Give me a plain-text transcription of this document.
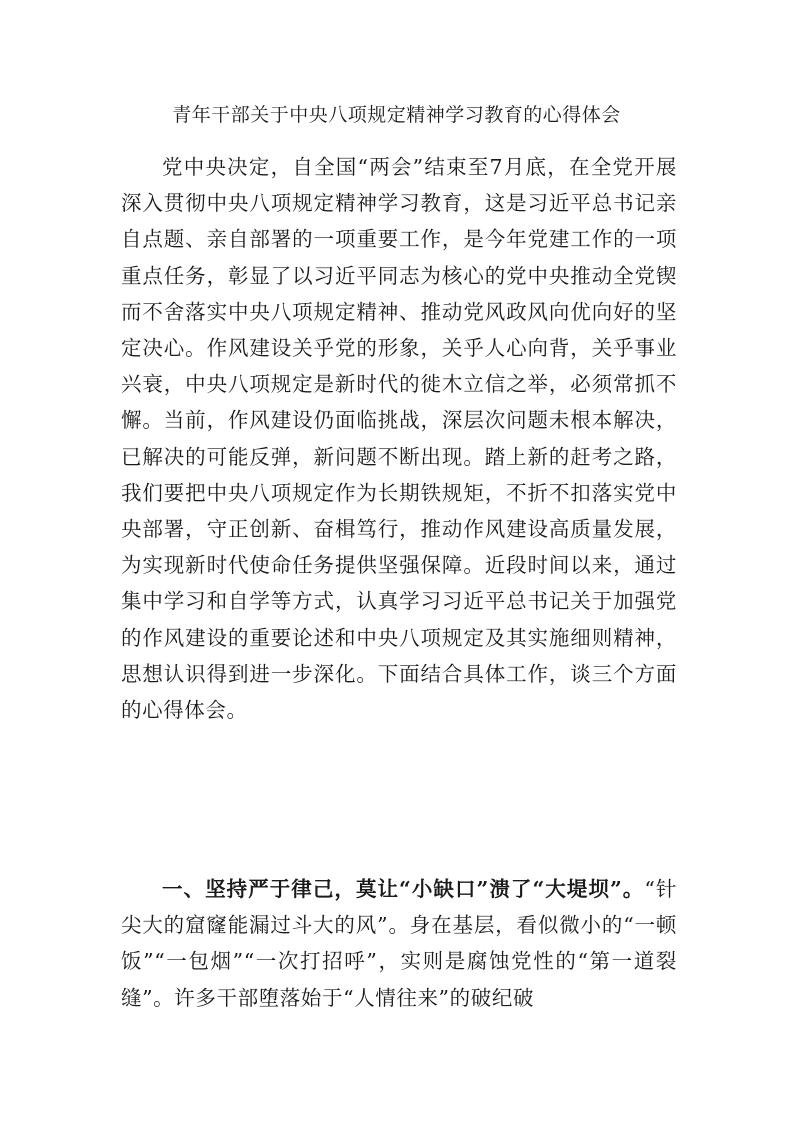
青年干部关于中央八项规定精神学习教育的心得体会

党中央决定，自全国“两会”结束至7月底，在全党开展深入贯彻中央八项规定精神学习教育，这是习近平总书记亲自点题、亲自部署的一项重要工作，是今年党建工作的一项重点任务，彰显了以习近平同志为核心的党中央推动全党锲而不舍落实中央八项规定精神、推动党风政风向优向好的坚定决心。作风建设关乎党的形象，关乎人心向背，关乎事业兴衰，中央八项规定是新时代的徙木立信之举，必须常抓不懈。当前，作风建设仍面临挑战，深层次问题未根本解决，已解决的可能反弹，新问题不断出现。踏上新的赶考之路，我们要把中央八项规定作为长期铁规矩，不折不扣落实党中央部署，守正创新、奋楫笃行，推动作风建设高质量发展，为实现新时代使命任务提供坚强保障。近段时间以来，通过集中学习和自学等方式，认真学习习近平总书记关于加强党的作风建设的重要论述和中央八项规定及其实施细则精神，思想认识得到进一步深化。下面结合具体工作，谈三个方面的心得体会。

一、坚持严于律己，莫让“小缺口”溃了“大堤坝”。“针尖大的窟窿能漏过斗大的风”。身在基层，看似微小的“一顿饭”“一包烟”“一次打招呼”，实则是腐蚀党性的“第一道裂缝”。许多干部堕落始于“人情往来”的破纪破
